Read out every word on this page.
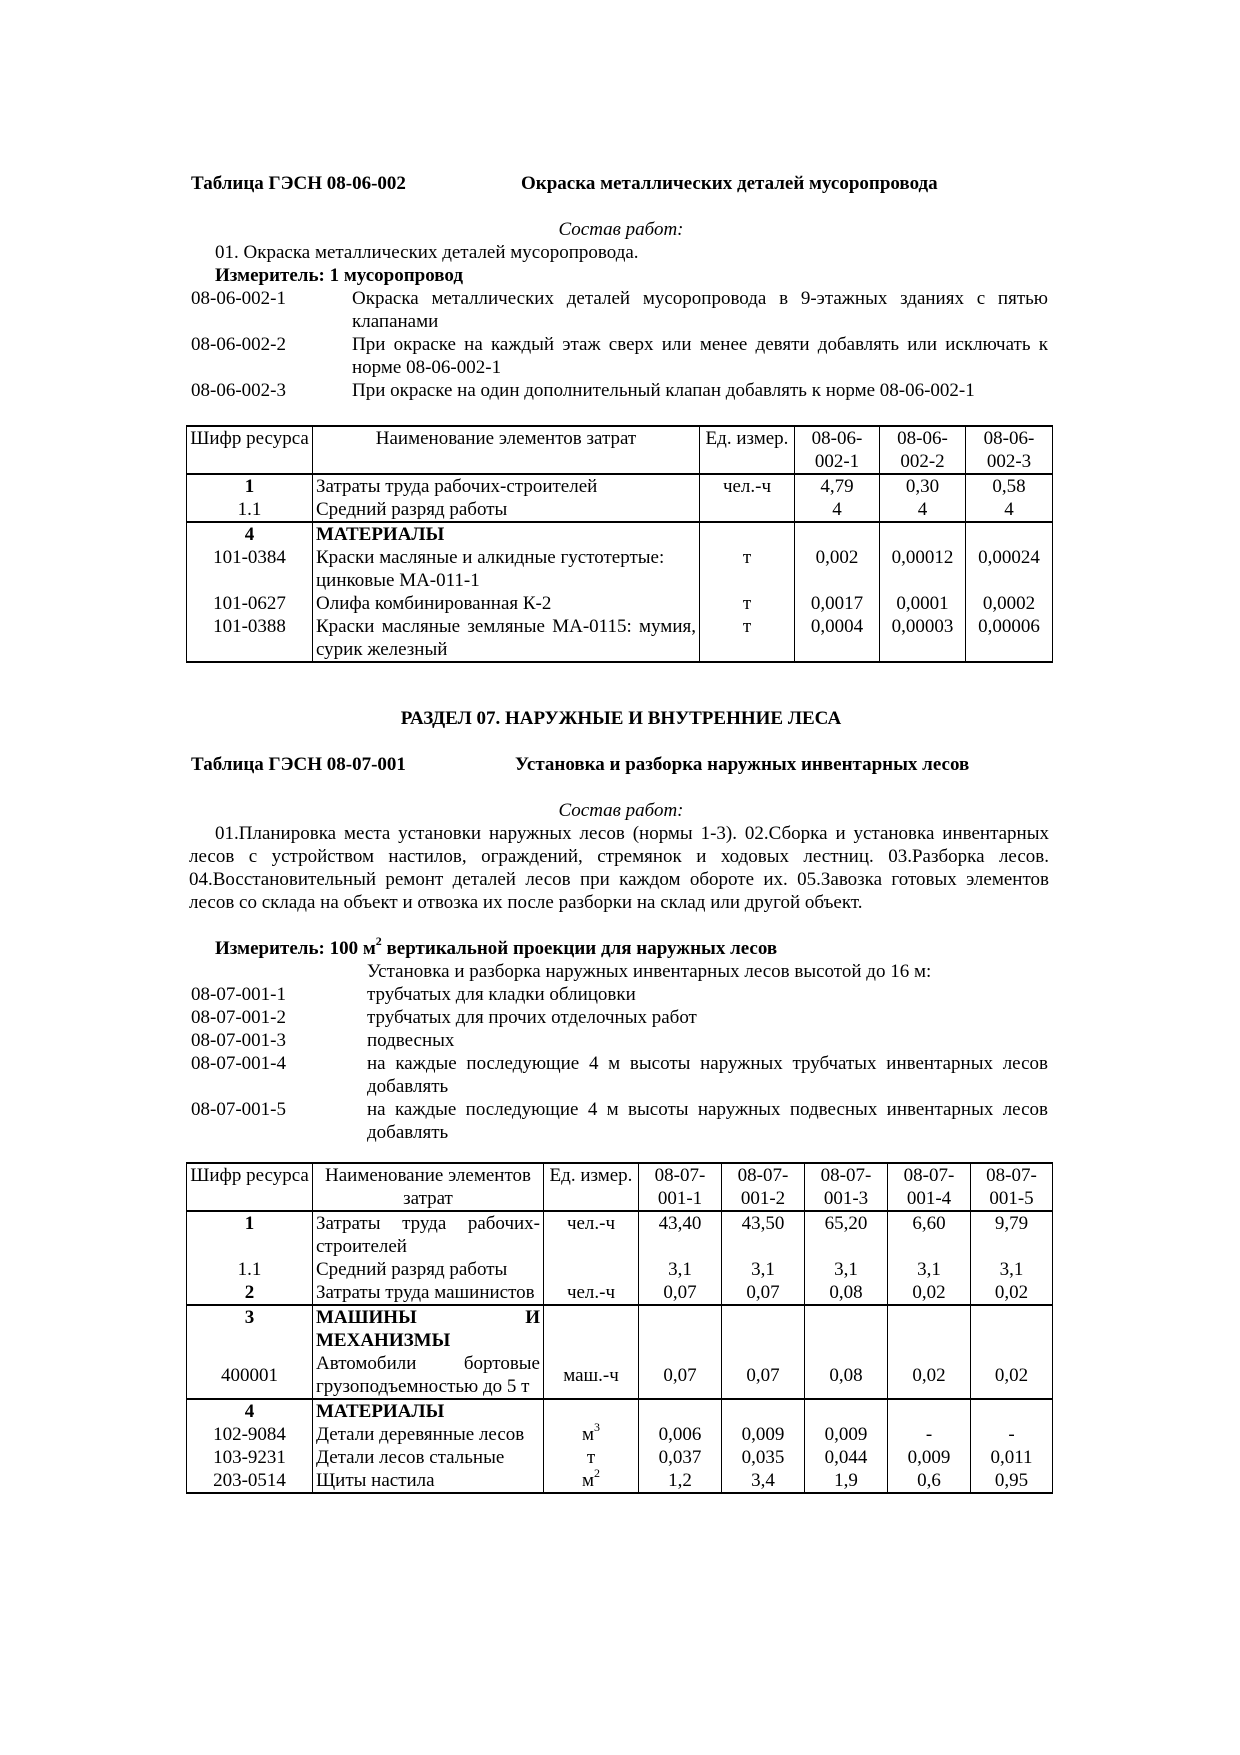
Таблица ГЭСН 08-06-002	Окраска металлических деталей мусоропровода
Состав работ:
01. Окраска металлических деталей мусоропровода.
Измеритель: 1 мусоропровод
08-06-002-1	Окраска металлических деталей мусоропровода в 9-этажных зданиях с пятью клапанами
08-06-002-2	При окраске на каждый этаж сверх или менее девяти добавлять или исключать к норме 08-06-002-1
08-06-002-3	При окраске на один дополнительный клапан добавлять к норме 08-06-002-1
Шифр ресурса	Наименование элементов затрат	Ед. измер.	08-06-002-1	08-06-002-2	08-06-002-3
1	Затраты труда рабочих-строителей	чел.-ч	4,79	0,30	0,58
1.1	Средний разряд работы		4	4	4
4	МАТЕРИАЛЫ				
101-0384	Краски масляные и алкидные густотертые: цинковые МА-011-1	т	0,002	0,00012	0,00024
101-0627	Олифа комбинированная К-2	т	0,0017	0,0001	0,0002
101-0388	Краски масляные земляные МА-0115: мумия, сурик железный	т	0,0004	0,00003	0,00006
РАЗДЕЛ 07. НАРУЖНЫЕ И ВНУТРЕННИЕ ЛЕСА
Таблица ГЭСН 08-07-001	Установка и разборка наружных инвентарных лесов
Состав работ:
01.Планировка места установки наружных лесов (нормы 1-3). 02.Сборка и установка инвентарных лесов с устройством настилов, ограждений, стремянок и ходовых лестниц. 03.Разборка лесов. 04.Восстановительный ремонт деталей лесов при каждом обороте их. 05.Завозка готовых элементов лесов со склада на объект и отвозка их после разборки на склад или другой объект.
Измеритель: 100 $м^2$ вертикальной проекции для наружных лесов
Установка и разборка наружных инвентарных лесов высотой до 16 м:
08-07-001-1	трубчатых для кладки облицовки
08-07-001-2	трубчатых для прочих отделочных работ
08-07-001-3	подвесных
08-07-001-4	на каждые последующие 4 м высоты наружных трубчатых инвентарных лесов добавлять
08-07-001-5	на каждые последующие 4 м высоты наружных подвесных инвентарных лесов добавлять
Шифр ресурса	Наименование элементов затрат	Ед. измер.	08-07-001-1	08-07-001-2	08-07-001-3	08-07-001-4	08-07-001-5
1	Затраты труда рабочих-строителей	чел.-ч	43,40	43,50	65,20	6,60	9,79
1.1	Средний разряд работы		3,1	3,1	3,1	3,1	3,1
2	Затраты труда машинистов	чел.-ч	0,07	0,07	0,08	0,02	0,02
3	МАШИНЫ И МЕХАНИЗМЫ						
400001	Автомобили бортовые грузоподъемностью до 5 т	маш.-ч	0,07	0,07	0,08	0,02	0,02
4	МАТЕРИАЛЫ						
102-9084	Детали деревянные лесов	$м^3$	0,006	0,009	0,009	-	-
103-9231	Детали лесов стальные	т	0,037	0,035	0,044	0,009	0,011
203-0514	Щиты настила	$м^2$	1,2	3,4	1,9	0,6	0,95
